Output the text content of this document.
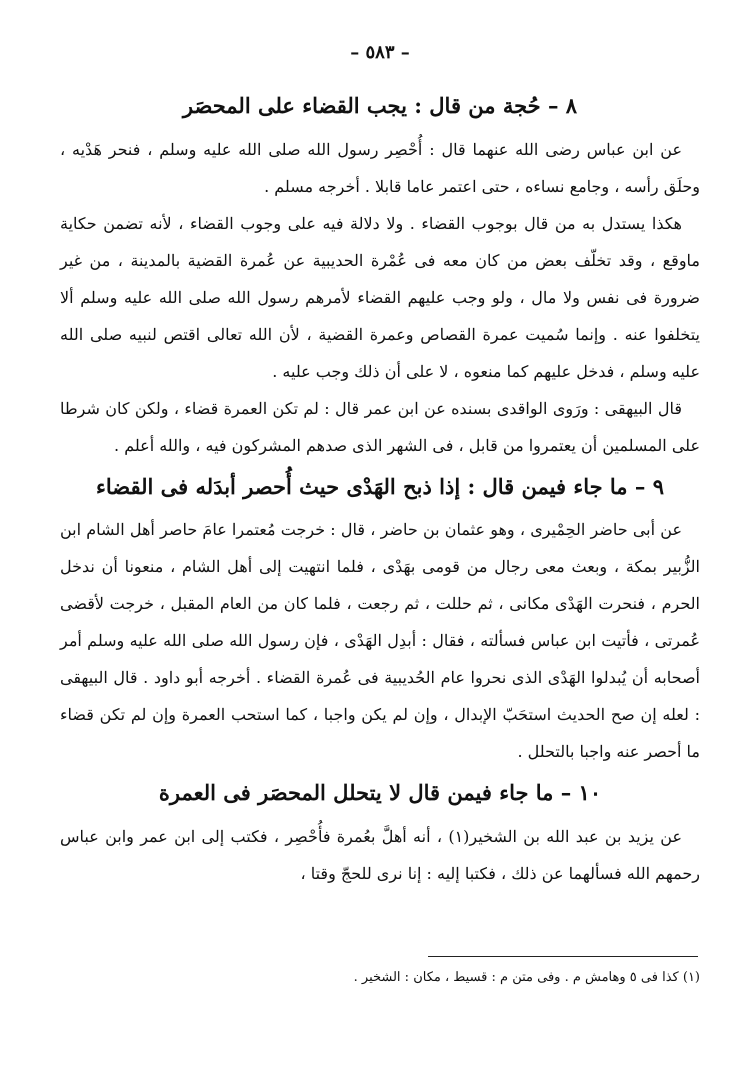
– ٥٨٣ –
٨ – حُجة من قال : يجب القضاء على المحصَر

عن ابن عباس رضى الله عنهما قال : أُحْصِر رسول الله صلى الله عليه وسلم ، فنحر هَدْيه ، وحلَق رأسه ، وجامع نساءه ، حتى اعتمر عاما قابلا . أخرجه مسلم .

هكذا يستدل به من قال بوجوب القضاء . ولا دلالة فيه على وجوب القضاء ، لأنه تضمن حكاية ماوقع ، وقد تخلّف بعض من كان معه فى عُمْرة الحديبية عن عُمرة القضية بالمدينة ، من غير ضرورة فى نفس ولا مال ، ولو وجب عليهم القضاء لأمرهم رسول الله صلى الله عليه وسلم ألا يتخلفوا عنه . وإنما سُميت عمرة القصاص وعمرة القضية ، لأن الله تعالى اقتص لنبيه صلى الله عليه وسلم ، فدخل عليهم كما منعوه ، لا على أن ذلك وجب عليه .

قال البيهقى : ورَوى الواقدى بسنده عن ابن عمر قال : لم تكن العمرة قضاء ، ولكن كان شرطا على المسلمين أن يعتمروا من قابل ، فى الشهر الذى صدهم المشركون فيه ، والله أعلم .

٩ – ما جاء فيمن قال : إذا ذبح الهَدْى حيث أُحصر أبدَله فى القضاء

عن أبى حاضر الحِمْيرى ، وهو عثمان بن حاضر ، قال : خرجت مُعتمرا عامَ حاصر أهل الشام ابن الزُّبير بمكة ، وبعث معى رجال من قومى بهَدْى ، فلما انتهيت إلى أهل الشام ، منعونا أن ندخل الحرم ، فنحرت الهَدْى مكانى ، ثم حللت ، ثم رجعت ، فلما كان من العام المقبل ، خرجت لأقضى عُمرتى ، فأتيت ابن عباس فسألته ، فقال : أبدِل الهَدْى ، فإن رسول الله صلى الله عليه وسلم أمر أصحابه أن يُبدلوا الهَدْى الذى نحروا عام الحُديبية فى عُمرة القضاء . أخرجه أبو داود . قال البيهقى : لعله إن صح الحديث استحَبّ الإبدال ، وإن لم يكن واجبا ، كما استحب العمرة وإن لم تكن قضاء ما أحصر عنه واجبا بالتحلل .

١٠ – ما جاء فيمن قال لا يتحلل المحصَر فى العمرة

عن يزيد بن عبد الله بن الشخير(١) ، أنه أهلَّ بعُمرة فأُحْصِر ، فكتب إلى ابن عمر وابن عباس رحمهم الله فسألهما عن ذلك ، فكتبا إليه : إنا نرى للحجّ وقتا ،

(١) كذا فى ٥ وهامش م . وفى متن م : قسيط ، مكان : الشخير .
